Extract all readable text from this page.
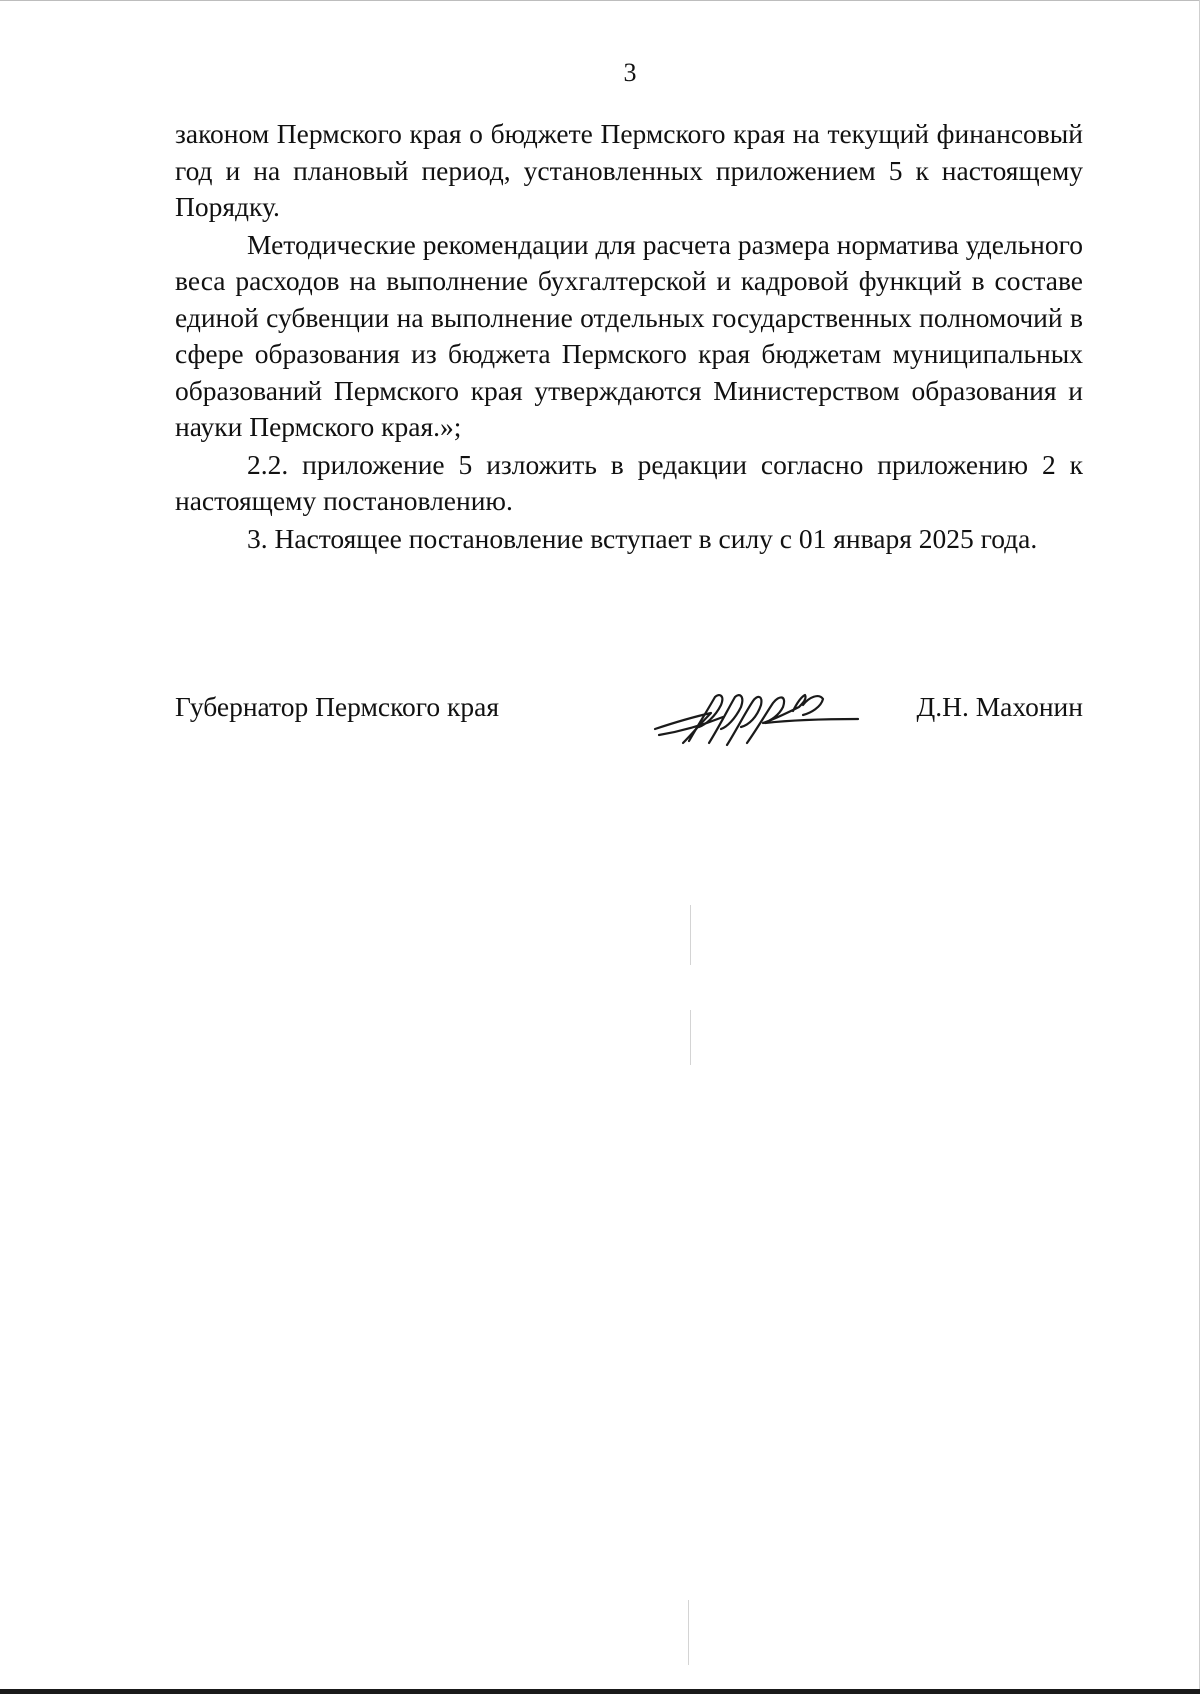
3

законом Пермского края о бюджете Пермского края на текущий финансовый год и на плановый период, установленных приложением 5 к настоящему Порядку.

Методические рекомендации для расчета размера норматива удельного веса расходов на выполнение бухгалтерской и кадровой функций в составе единой субвенции на выполнение отдельных государственных полномочий в сфере образования из бюджета Пермского края бюджетам муниципальных образований Пермского края утверждаются Министерством образования и науки Пермского края.»;

2.2. приложение 5 изложить в редакции согласно приложению 2 к настоящему постановлению.

3. Настоящее постановление вступает в силу с 01 января 2025 года.

Губернатор Пермского края	Д.Н. Махонин
